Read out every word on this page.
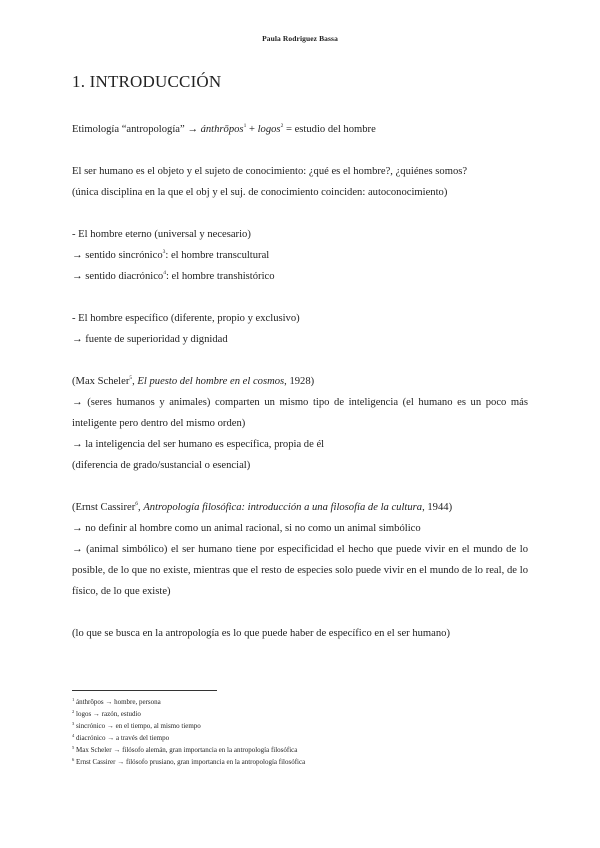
Paula Rodriguez Bassa
1. INTRODUCCIÓN

Etimología “antropología” → ánthrōpos$^1$ + logos$^2$ = estudio del hombre

El ser humano es el objeto y el sujeto de conocimiento: ¿qué es el hombre?, ¿quiénes somos?

(única disciplina en la que el obj y el suj. de conocimiento coinciden: autoconocimiento)

- El hombre eterno (universal y necesario)

→ sentido sincrónico$^3$: el hombre transcultural

→ sentido diacrónico$^4$: el hombre transhistórico

- El hombre específico (diferente, propio y exclusivo)

→ fuente de superioridad y dignidad

(Max Scheler$^5$, El puesto del hombre en el cosmos, 1928)

→ (seres humanos y animales) comparten un mismo tipo de inteligencia (el humano es un poco más inteligente pero dentro del mismo orden)

→ la inteligencia del ser humano es específica, propia de él

(diferencia de grado/sustancial o esencial)

(Ernst Cassirer$^6$, Antropología filosófica: introducción a una filosofía de la cultura, 1944)

→ no definir al hombre como un animal racional, si no como un animal simbólico

→ (animal simbólico) el ser humano tiene por especificidad el hecho que puede vivir en el mundo de lo posible, de lo que no existe, mientras que el resto de especies solo puede vivir en el mundo de lo real, de lo físico, de lo que existe)

(lo que se busca en la antropología es lo que puede haber de específico en el ser humano)

$^1$ ánthrōpos → hombre, persona
$^2$ logos → razón, estudio
$^3$ sincrónico → en el tiempo, al mismo tiempo
$^4$ diacrónico → a través del tiempo
$^5$ Max Scheler → filósofo alemán, gran importancia en la antropología filosófica
$^6$ Ernst Cassirer → filósofo prusiano, gran importancia en la antropología filosófica
